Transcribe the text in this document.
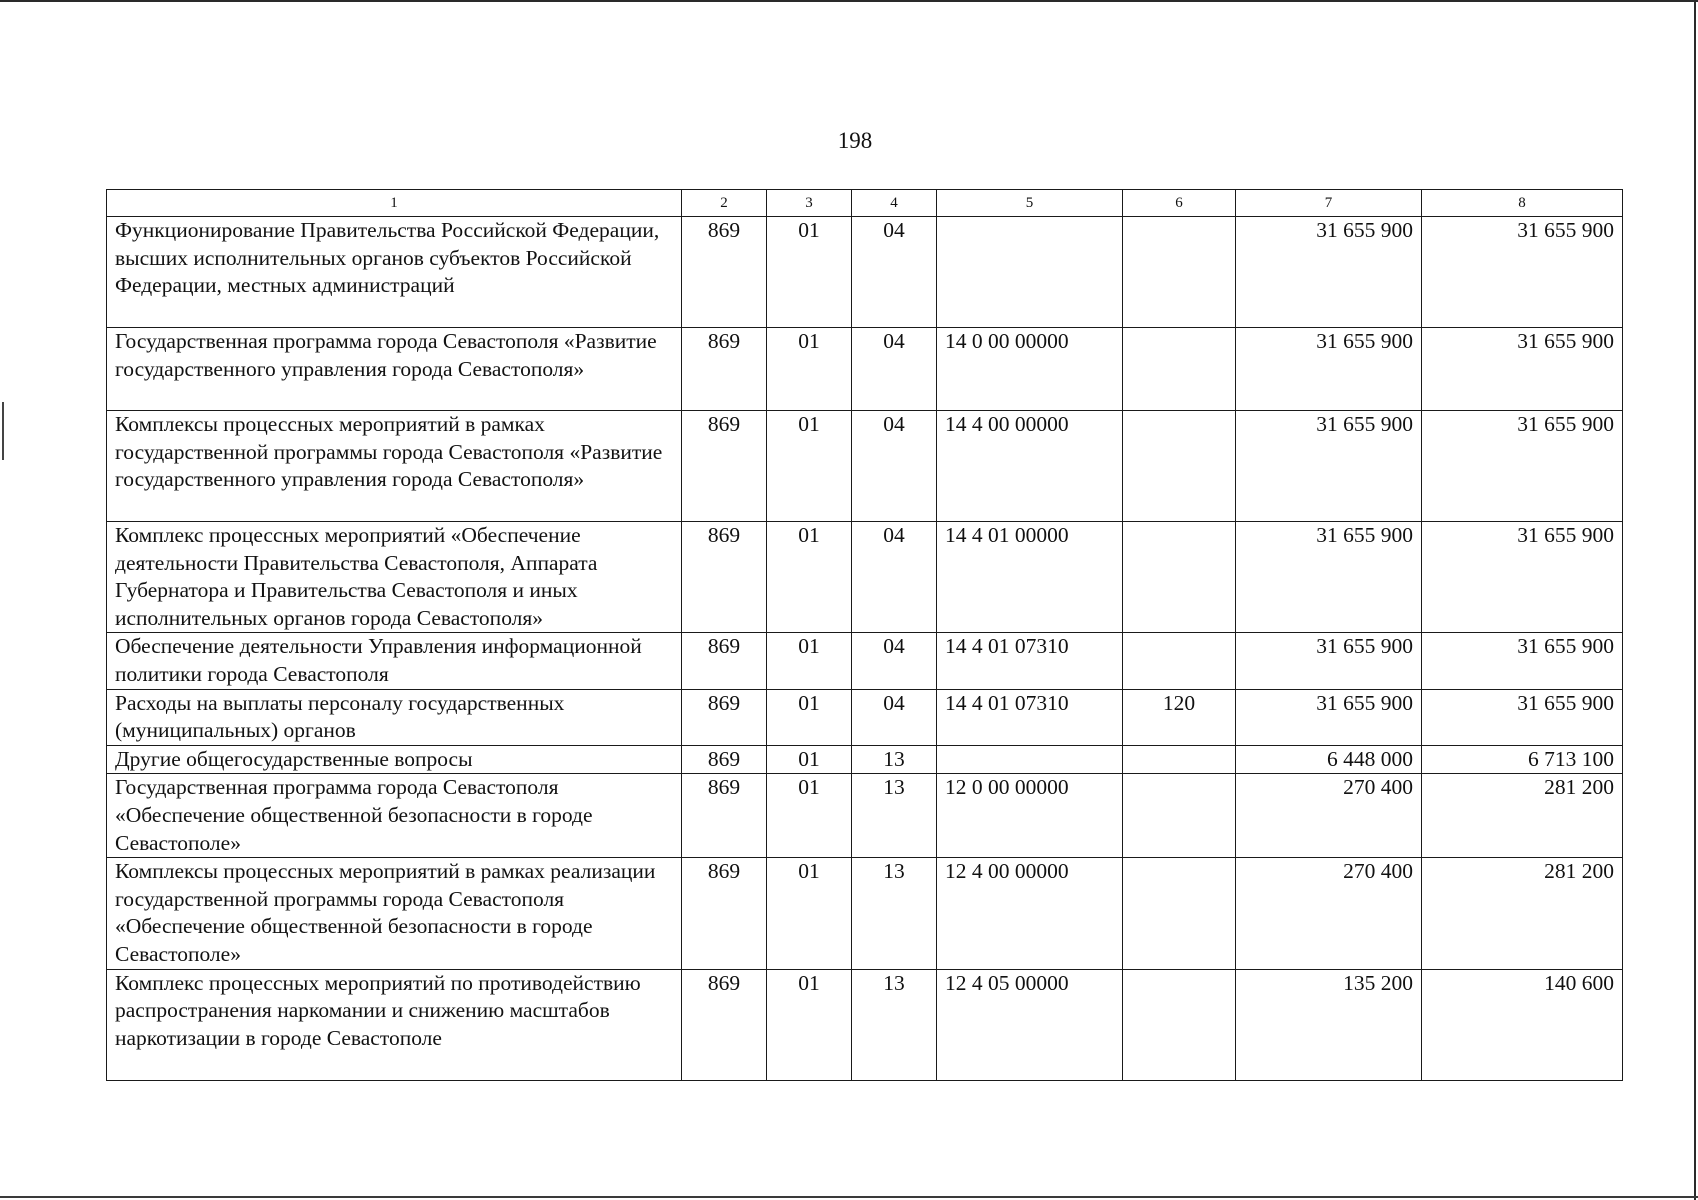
198
1	2	3	4	5	6	7	8
Функционирование Правительства Российской Федерации, высших исполнительных органов субъектов Российской Федерации, местных администраций	869	01	04			31 655 900	31 655 900
Государственная программа города Севастополя «Развитие государственного управления города Севастополя»	869	01	04	14 0 00 00000		31 655 900	31 655 900
Комплексы процессных мероприятий в рамках государственной программы города Севастополя «Развитие государственного управления города Севастополя»	869	01	04	14 4 00 00000		31 655 900	31 655 900
Комплекс процессных мероприятий «Обеспечение деятельности Правительства Севастополя, Аппарата Губернатора и Правительства Севастополя и иных исполнительных органов города Севастополя»	869	01	04	14 4 01 00000		31 655 900	31 655 900
Обеспечение деятельности Управления информационной политики города Севастополя	869	01	04	14 4 01 07310		31 655 900	31 655 900
Расходы на выплаты персоналу государственных (муниципальных) органов	869	01	04	14 4 01 07310	120	31 655 900	31 655 900
Другие общегосударственные вопросы	869	01	13			6 448 000	6 713 100
Государственная программа города Севастополя «Обеспечение общественной безопасности в городе Севастополе»	869	01	13	12 0 00 00000		270 400	281 200
Комплексы процессных мероприятий в рамках реализации государственной программы города Севастополя «Обеспечение общественной безопасности в городе Севастополе»	869	01	13	12 4 00 00000		270 400	281 200
Комплекс процессных мероприятий по противодействию распространения наркомании и снижению масштабов наркотизации в городе Севастополе	869	01	13	12 4 05 00000		135 200	140 600
